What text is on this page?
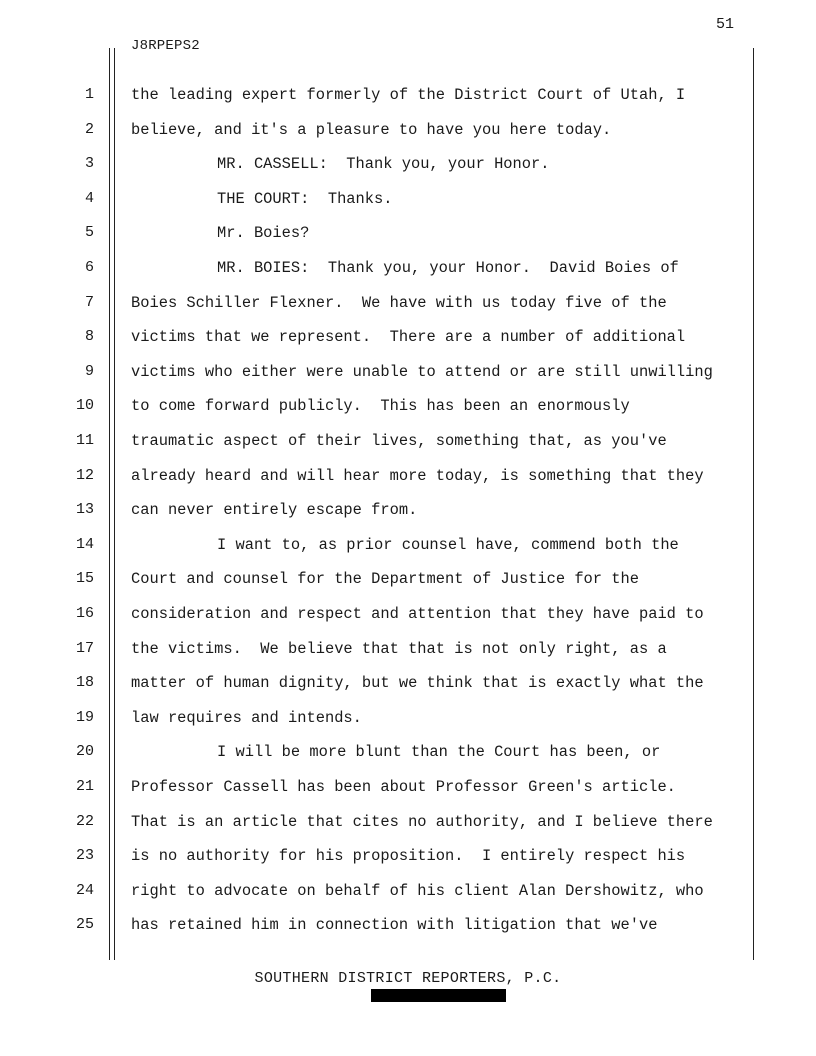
51
J8RPEPS2
1 the leading expert formerly of the District Court of Utah, I
2 believe, and it's a pleasure to have you here today.
3	MR. CASSELL:  Thank you, your Honor.
4	THE COURT:  Thanks.
5	Mr. Boies?
6	MR. BOIES:  Thank you, your Honor.  David Boies of
7 Boies Schiller Flexner.  We have with us today five of the
8 victims that we represent.  There are a number of additional
9 victims who either were unable to attend or are still unwilling
10 to come forward publicly.  This has been an enormously
11 traumatic aspect of their lives, something that, as you've
12 already heard and will hear more today, is something that they
13 can never entirely escape from.
14	I want to, as prior counsel have, commend both the
15 Court and counsel for the Department of Justice for the
16 consideration and respect and attention that they have paid to
17 the victims.  We believe that that is not only right, as a
18 matter of human dignity, but we think that is exactly what the
19 law requires and intends.
20	I will be more blunt than the Court has been, or
21 Professor Cassell has been about Professor Green's article.
22 That is an article that cites no authority, and I believe there
23 is no authority for his proposition.  I entirely respect his
24 right to advocate on behalf of his client Alan Dershowitz, who
25 has retained him in connection with litigation that we've
SOUTHERN DISTRICT REPORTERS, P.C.
